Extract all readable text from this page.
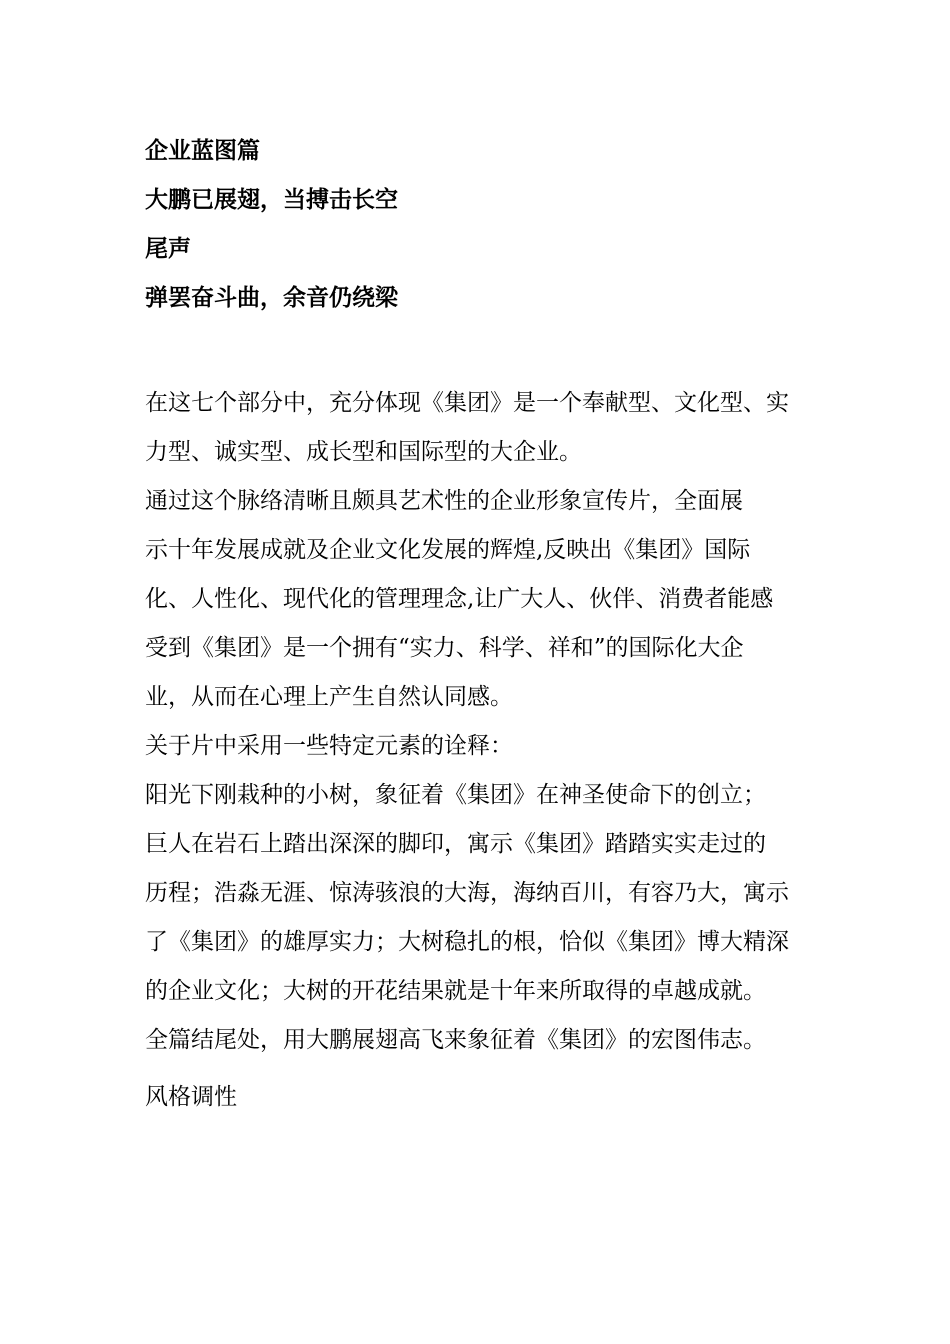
企业蓝图篇
大鹏已展翅，当搏击长空
尾声
弹罢奋斗曲，余音仍绕梁

在这七个部分中，充分体现《集团》是一个奉献型、文化型、实
力型、诚实型、成长型和国际型的大企业。

通过这个脉络清晰且颇具艺术性的企业形象宣传片，全面展
示十年发展成就及企业文化发展的辉煌,反映出《集团》国际
化、人性化、现代化的管理理念,让广大人、伙伴、消费者能感
受到《集团》是一个拥有“实力、科学、祥和”的国际化大企
业，从而在心理上产生自然认同感。

关于片中采用一些特定元素的诠释：

阳光下刚栽种的小树，象征着《集团》在神圣使命下的创立；
巨人在岩石上踏出深深的脚印，寓示《集团》踏踏实实走过的
历程；浩淼无涯、惊涛骇浪的大海，海纳百川，有容乃大，寓示
了《集团》的雄厚实力；大树稳扎的根，恰似《集团》博大精深
的企业文化；大树的开花结果就是十年来所取得的卓越成就。
全篇结尾处，用大鹏展翅高飞来象征着《集团》的宏图伟志。

风格调性
